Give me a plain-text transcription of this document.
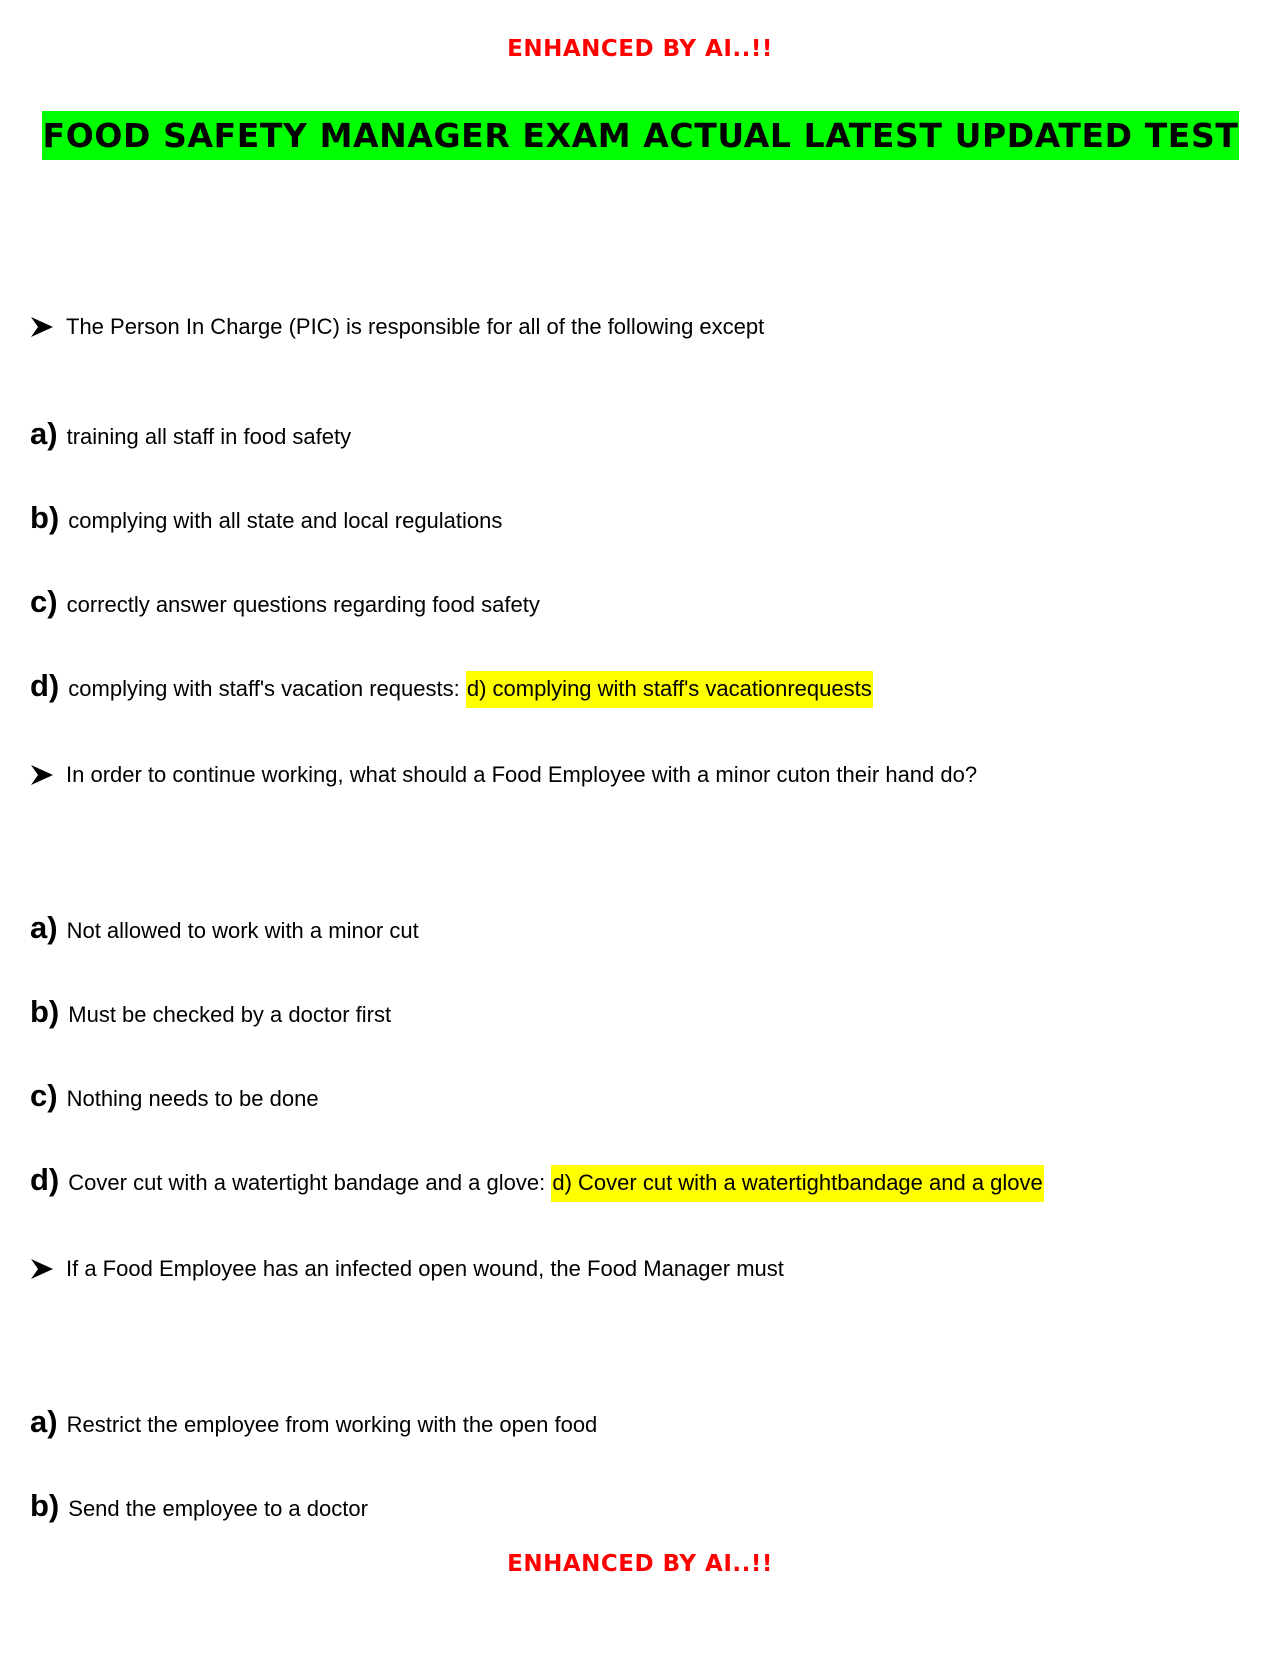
ENHANCED BY AI..!!
FOOD SAFETY MANAGER EXAM ACTUAL LATEST UPDATED TEST
The Person In Charge (PIC) is responsible for all of the following except
a) training all staff in food safety
b) complying with all state and local regulations
c) correctly answer questions regarding food safety
d) complying with staff's vacation requests: d) complying with staff's vacationrequests
In order to continue working, what should a Food Employee with a minor cuton their hand do?
a) Not allowed to work with a minor cut
b) Must be checked by a doctor first
c) Nothing needs to be done
d) Cover cut with a watertight bandage and a glove: d) Cover cut with a watertightbandage and a glove
If a Food Employee has an infected open wound, the Food Manager must
a) Restrict the employee from working with the open food
b) Send the employee to a doctor
ENHANCED BY AI..!!
